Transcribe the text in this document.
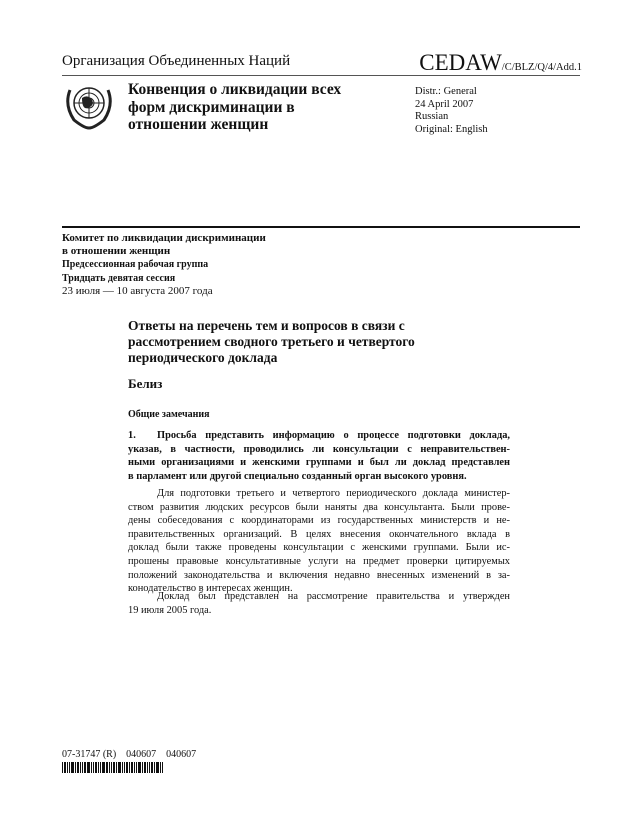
Организация Объединенных Наций	CEDAW/C/BLZ/Q/4/Add.1
Конвенция о ликвидации всех
форм дискриминации в
отношении женщин
Distr.: General
24 April 2007
Russian
Original: English
Комитет по ликвидации дискриминации
в отношении женщин
Предсессионная рабочая группа
Тридцать девятая сессия
23 июля — 10 августа 2007 года
Ответы на перечень тем и вопросов в связи с
рассмотрением сводного третьего и четвертого
периодического доклада
Белиз
Общие замечания
1. Просьба представить информацию о процессе подготовки доклада,
указав, в частности, проводились ли консультации с неправительствен-
ными организациями и женскими группами и был ли доклад представлен
в парламент или другой специально созданный орган высокого уровня.
Для подготовки третьего и четвертого периодического доклада министер-
ством развития людских ресурсов были наняты два консультанта. Были прове-
дены собеседования с координаторами из государственных министерств и не-
правительственных организаций. В целях внесения окончательного вклада в
доклад были также проведены консультации с женскими группами. Были ис-
прошены правовые консультативные услуги на предмет проверки цитируемых
положений законодательства и включения недавно внесенных изменений в за-
конодательство в интересах женщин.
Доклад был представлен на рассмотрение правительства и утвержден
19 июля 2005 года.
07-31747 (R)    040607    040607
